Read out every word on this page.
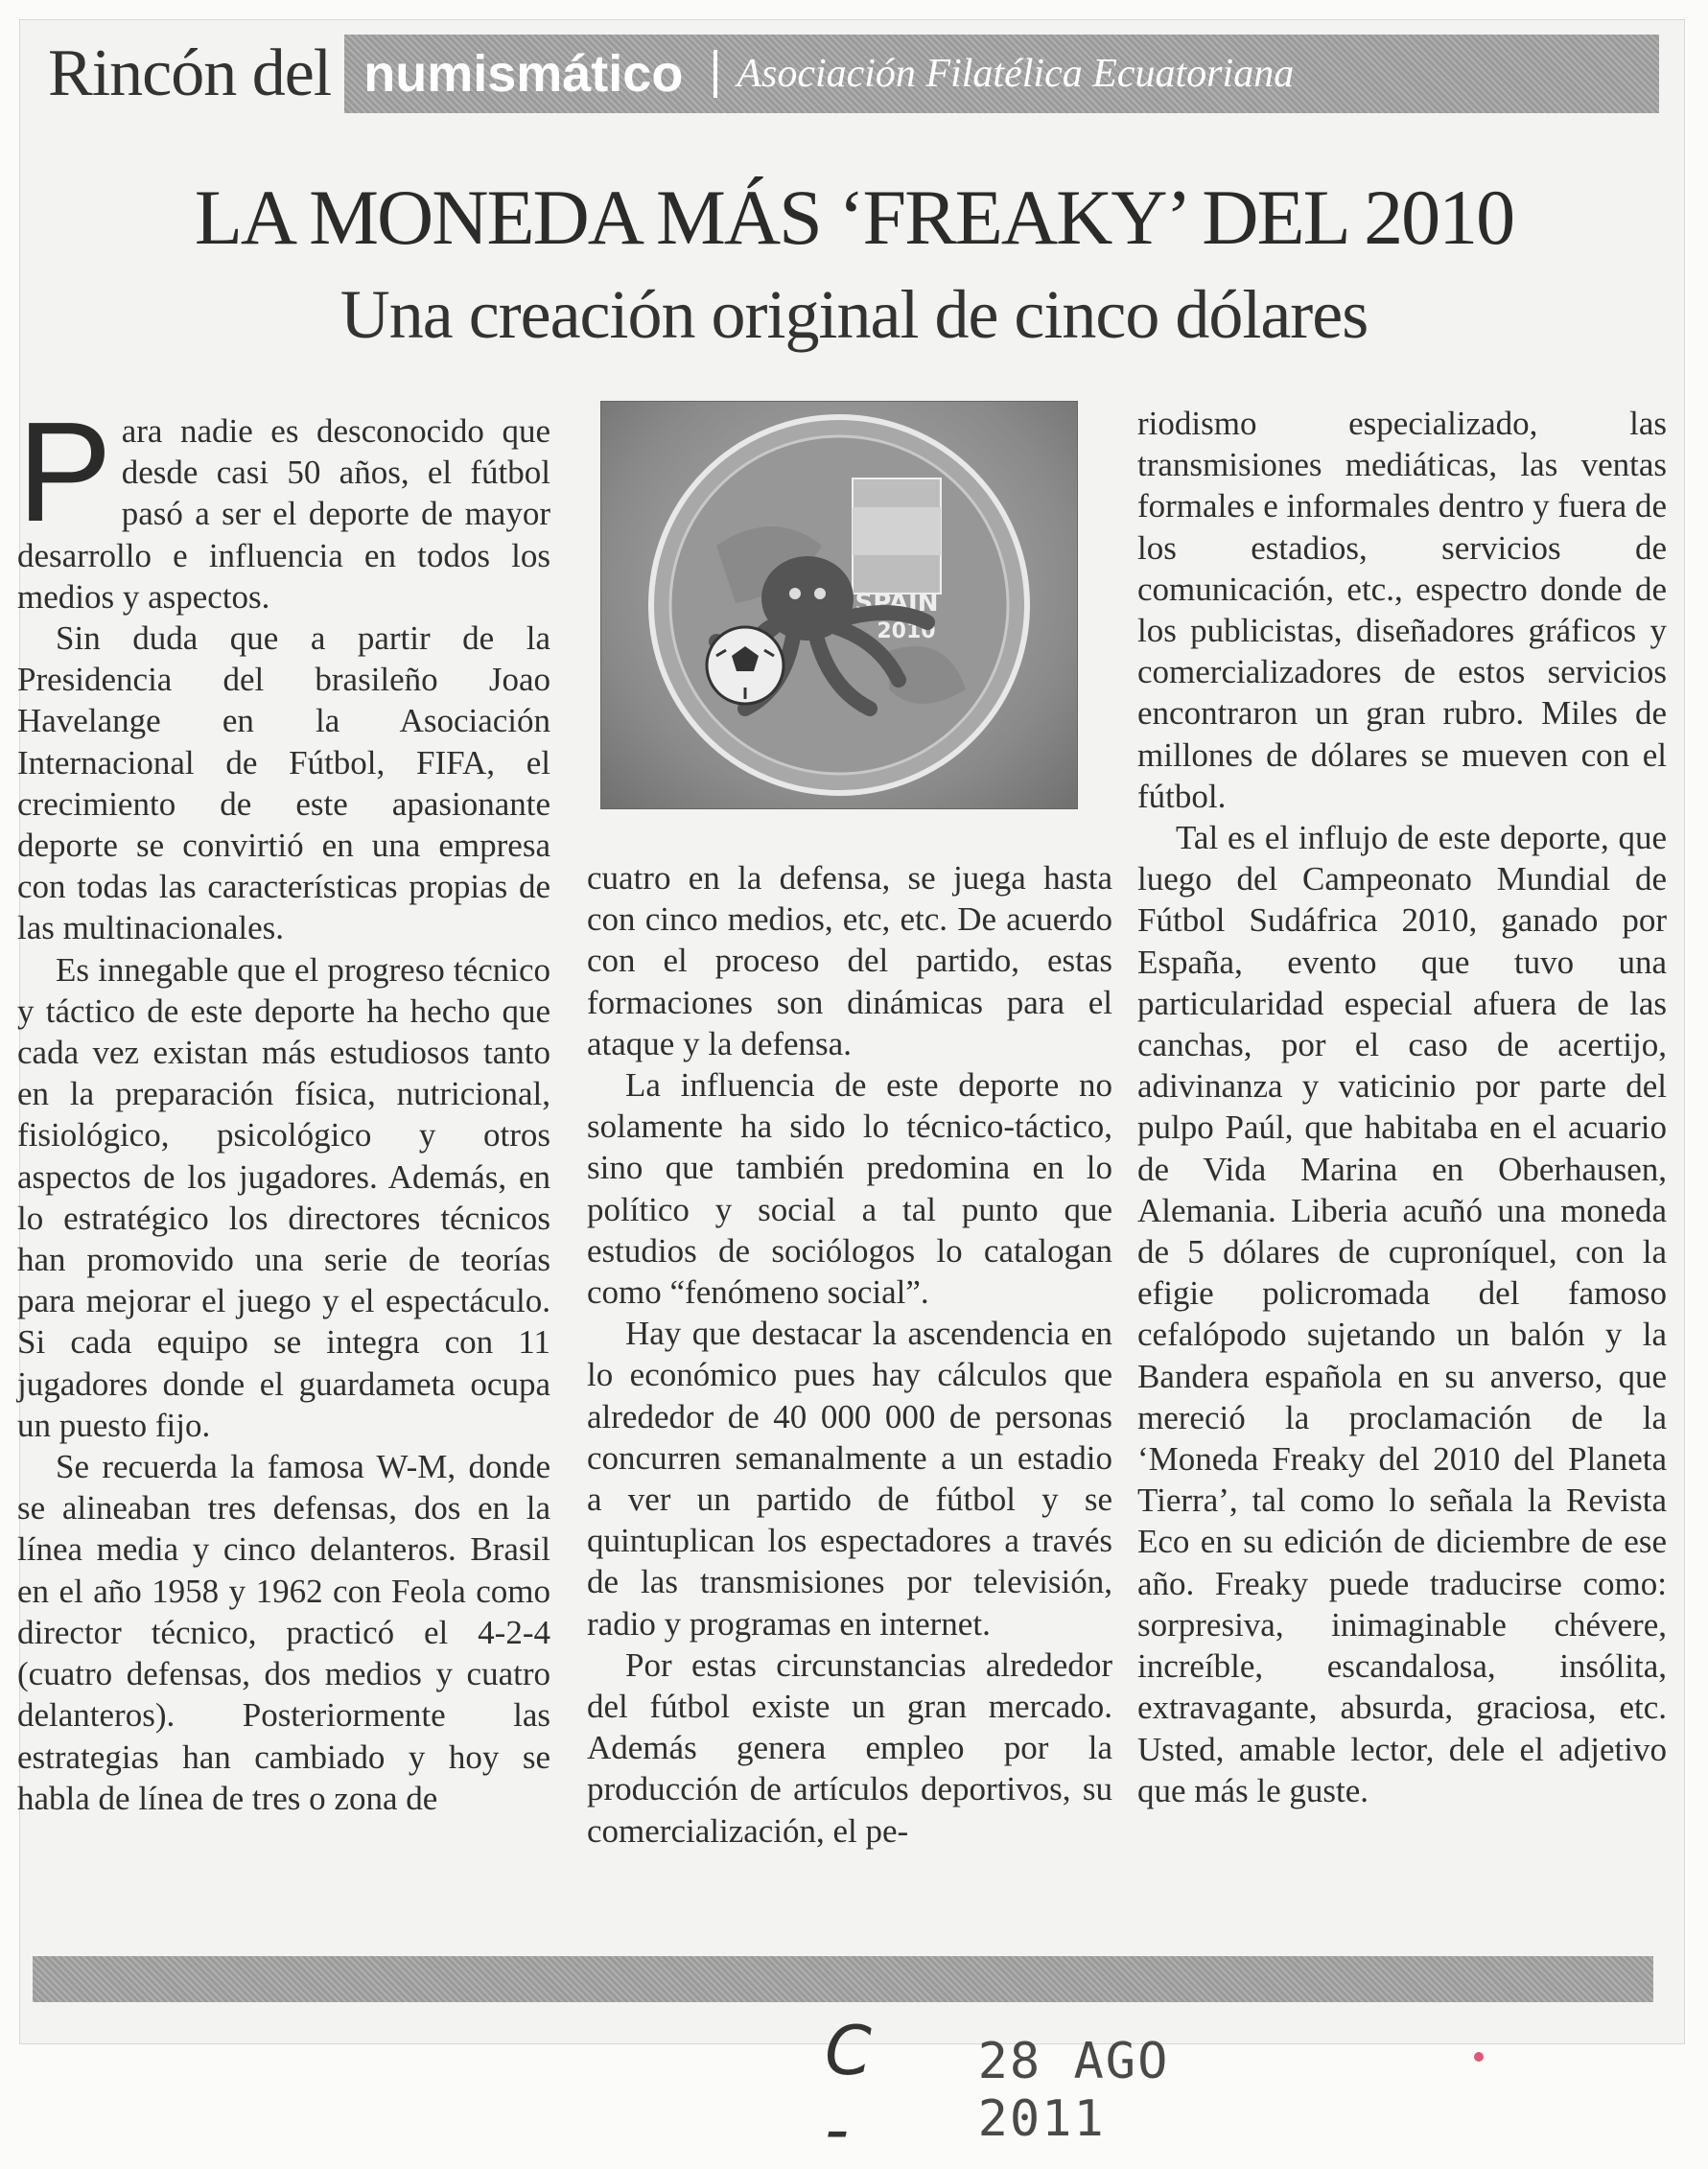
Rincón del numismático	Asociación Filatélica Ecuatoriana
LA MONEDA MÁS ‘FREAKY’ DEL 2010
Una creación original de cinco dólares

Para nadie es desconocido que desde casi 50 años, el fútbol pasó a ser el deporte de mayor desarrollo e influencia en todos los medios y aspectos.

Sin duda que a partir de la Presidencia del brasileño Joao Havelange en la Asociación Internacional de Fútbol, FIFA, el crecimiento de este apasionante deporte se convirtió en una empresa con todas las características propias de las multinacionales.

Es innegable que el progreso técnico y táctico de este deporte ha hecho que cada vez existan más estudiosos tanto en la preparación física, nutricional, fisiológico, psicológico y otros aspectos de los jugadores. Además, en lo estratégico los directores técnicos han promovido una serie de teorías para mejorar el juego y el espectáculo. Si cada equipo se integra con 11 jugadores donde el guardameta ocupa un puesto fijo.

Se recuerda la famosa W-M, donde se alineaban tres defensas, dos en la línea media y cinco delanteros. Brasil en el año 1958 y 1962 con Feola como director técnico, practicó el 4-2-4 (cuatro defensas, dos medios y cuatro delanteros). Posteriormente las estrategias han cambiado y hoy se habla de línea de tres o zona de

SPAIN
2010

cuatro en la defensa, se juega hasta con cinco medios, etc, etc. De acuerdo con el proceso del partido, estas formaciones son dinámicas para el ataque y la defensa.

La influencia de este deporte no solamente ha sido lo técnico-táctico, sino que también predomina en lo político y social a tal punto que estudios de sociólogos lo catalogan como “fenómeno social”.

Hay que destacar la ascendencia en lo económico pues hay cálculos que alrededor de 40 000 000 de personas concurren semanalmente a un estadio a ver un partido de fútbol y se quintuplican los espectadores a través de las transmisiones por televisión, radio y programas en internet.

Por estas circunstancias alrededor del fútbol existe un gran mercado. Además genera empleo por la producción de artículos deportivos, su comercialización, el pe-

riodismo especializado, las transmisiones mediáticas, las ventas formales e informales dentro y fuera de los estadios, servicios de comunicación, etc., espectro donde de los publicistas, diseñadores gráficos y comercializadores de estos servicios encontraron un gran rubro. Miles de millones de dólares se mueven con el fútbol.

Tal es el influjo de este deporte, que luego del Campeonato Mundial de Fútbol Sudáfrica 2010, ganado por España, evento que tuvo una particularidad especial afuera de las canchas, por el caso de acertijo, adivinanza y vaticinio por parte del pulpo Paúl, que habitaba en el acuario de Vida Marina en Oberhausen, Alemania. Liberia acuñó una moneda de 5 dólares de cuproníquel, con la efigie policromada del famoso cefalópodo sujetando un balón y la Bandera española en su anverso, que mereció la proclamación de la ‘Moneda Freaky del 2010 del Planeta Tierra’, tal como lo señala la Revista Eco en su edición de diciembre de ese año. Freaky puede traducirse como: sorpresiva, inimaginable chévere, increíble, escandalosa, insólita, extravagante, absurda, graciosa, etc. Usted, amable lector, dele el adjetivo que más le guste.

C -
28 AGO 2011
